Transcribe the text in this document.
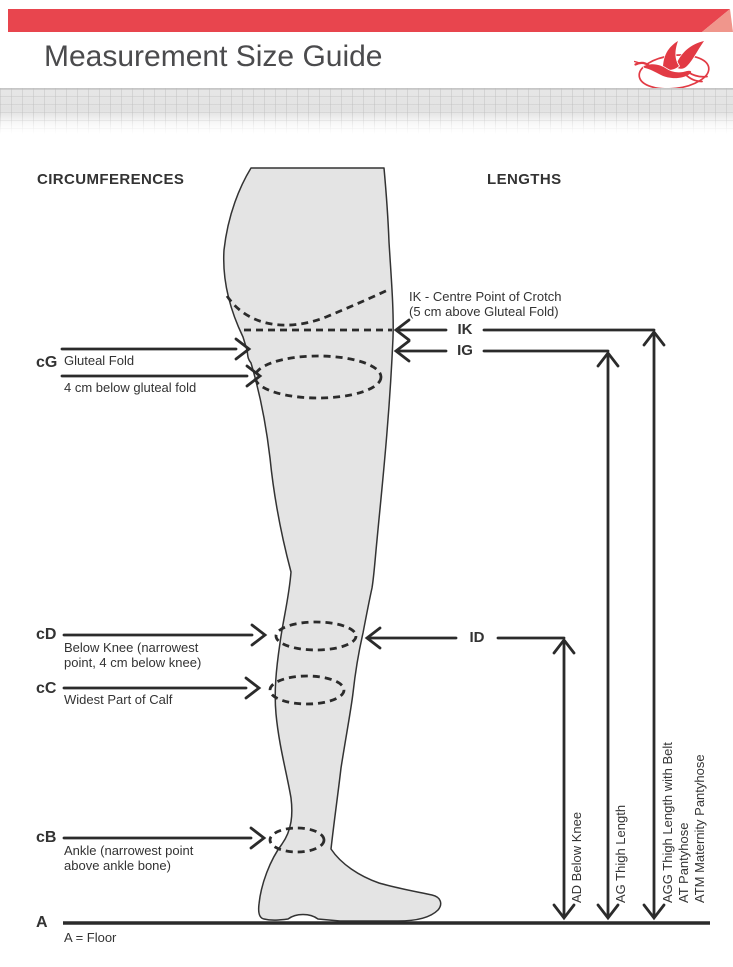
Measurement Size Guide
CIRCUMFERENCES	LENGTHS
cG Gluteal Fold
4 cm below gluteal fold
cD
Below Knee (narrowest
point, 4 cm below knee)
cC
Widest Part of Calf
cB
Ankle (narrowest point
above ankle bone)
A
A = Floor
IK - Centre Point of Crotch
(5 cm above Gluteal Fold)
IK
IG
ID
AD Below Knee AG Thigh Length AGG Thigh Length with Belt AT Pantyhose ATM Maternity Pantyhose
